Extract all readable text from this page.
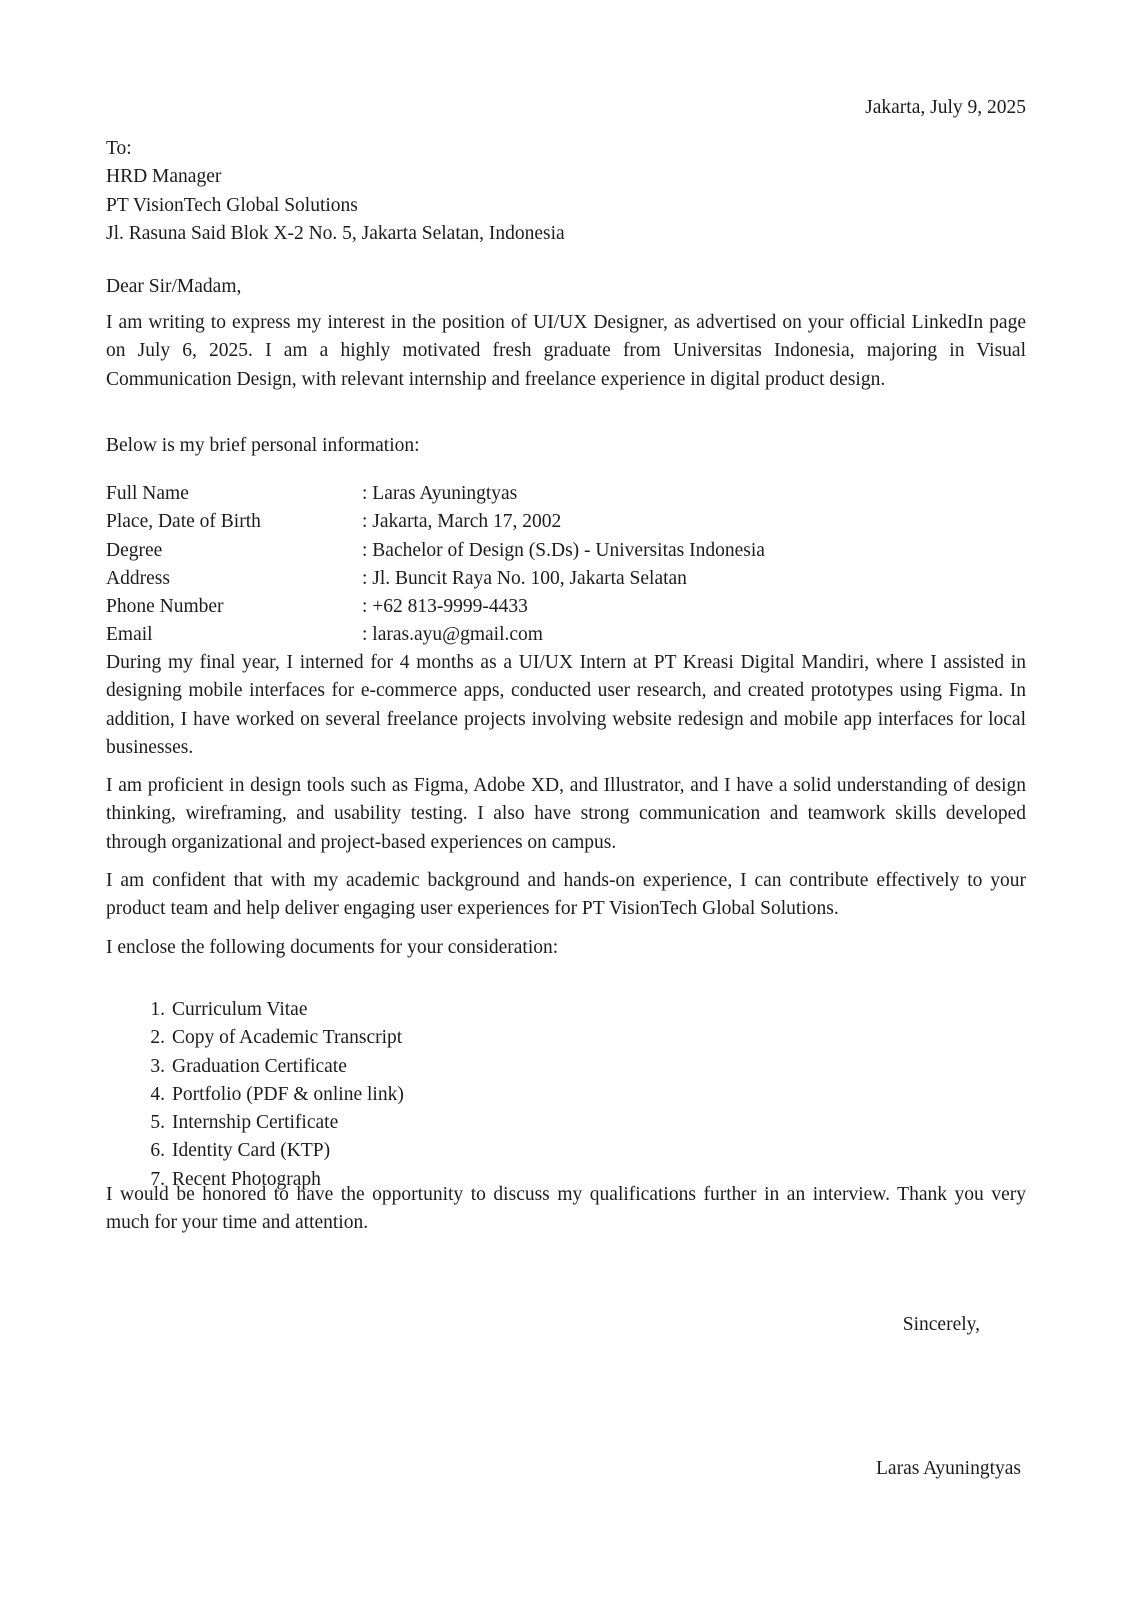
Jakarta, July 9, 2025
To:
HRD Manager
PT VisionTech Global Solutions
Jl. Rasuna Said Blok X-2 No. 5, Jakarta Selatan, Indonesia
Dear Sir/Madam,

I am writing to express my interest in the position of UI/UX Designer, as advertised on your official LinkedIn page on July 6, 2025. I am a highly motivated fresh graduate from Universitas Indonesia, majoring in Visual Communication Design, with relevant internship and freelance experience in digital product design.

Below is my brief personal information:

Full Name	: Laras Ayuningtyas
Place, Date of Birth	: Jakarta, March 17, 2002
Degree	: Bachelor of Design (S.Ds) - Universitas Indonesia
Address	: Jl. Buncit Raya No. 100, Jakarta Selatan
Phone Number	: +62 813-9999-4433
Email	: laras.ayu@gmail.com

During my final year, I interned for 4 months as a UI/UX Intern at PT Kreasi Digital Mandiri, where I assisted in designing mobile interfaces for e-commerce apps, conducted user research, and created prototypes using Figma. In addition, I have worked on several freelance projects involving website redesign and mobile app interfaces for local businesses.

I am proficient in design tools such as Figma, Adobe XD, and Illustrator, and I have a solid understanding of design thinking, wireframing, and usability testing. I also have strong communication and teamwork skills developed through organizational and project-based experiences on campus.

I am confident that with my academic background and hands-on experience, I can contribute effectively to your product team and help deliver engaging user experiences for PT VisionTech Global Solutions.

I enclose the following documents for your consideration:

1. Curriculum Vitae
2. Copy of Academic Transcript
3. Graduation Certificate
4. Portfolio (PDF & online link)
5. Internship Certificate
6. Identity Card (KTP)
7. Recent Photograph

I would be honored to have the opportunity to discuss my qualifications further in an interview. Thank you very much for your time and attention.

Sincerely,
Laras Ayuningtyas
